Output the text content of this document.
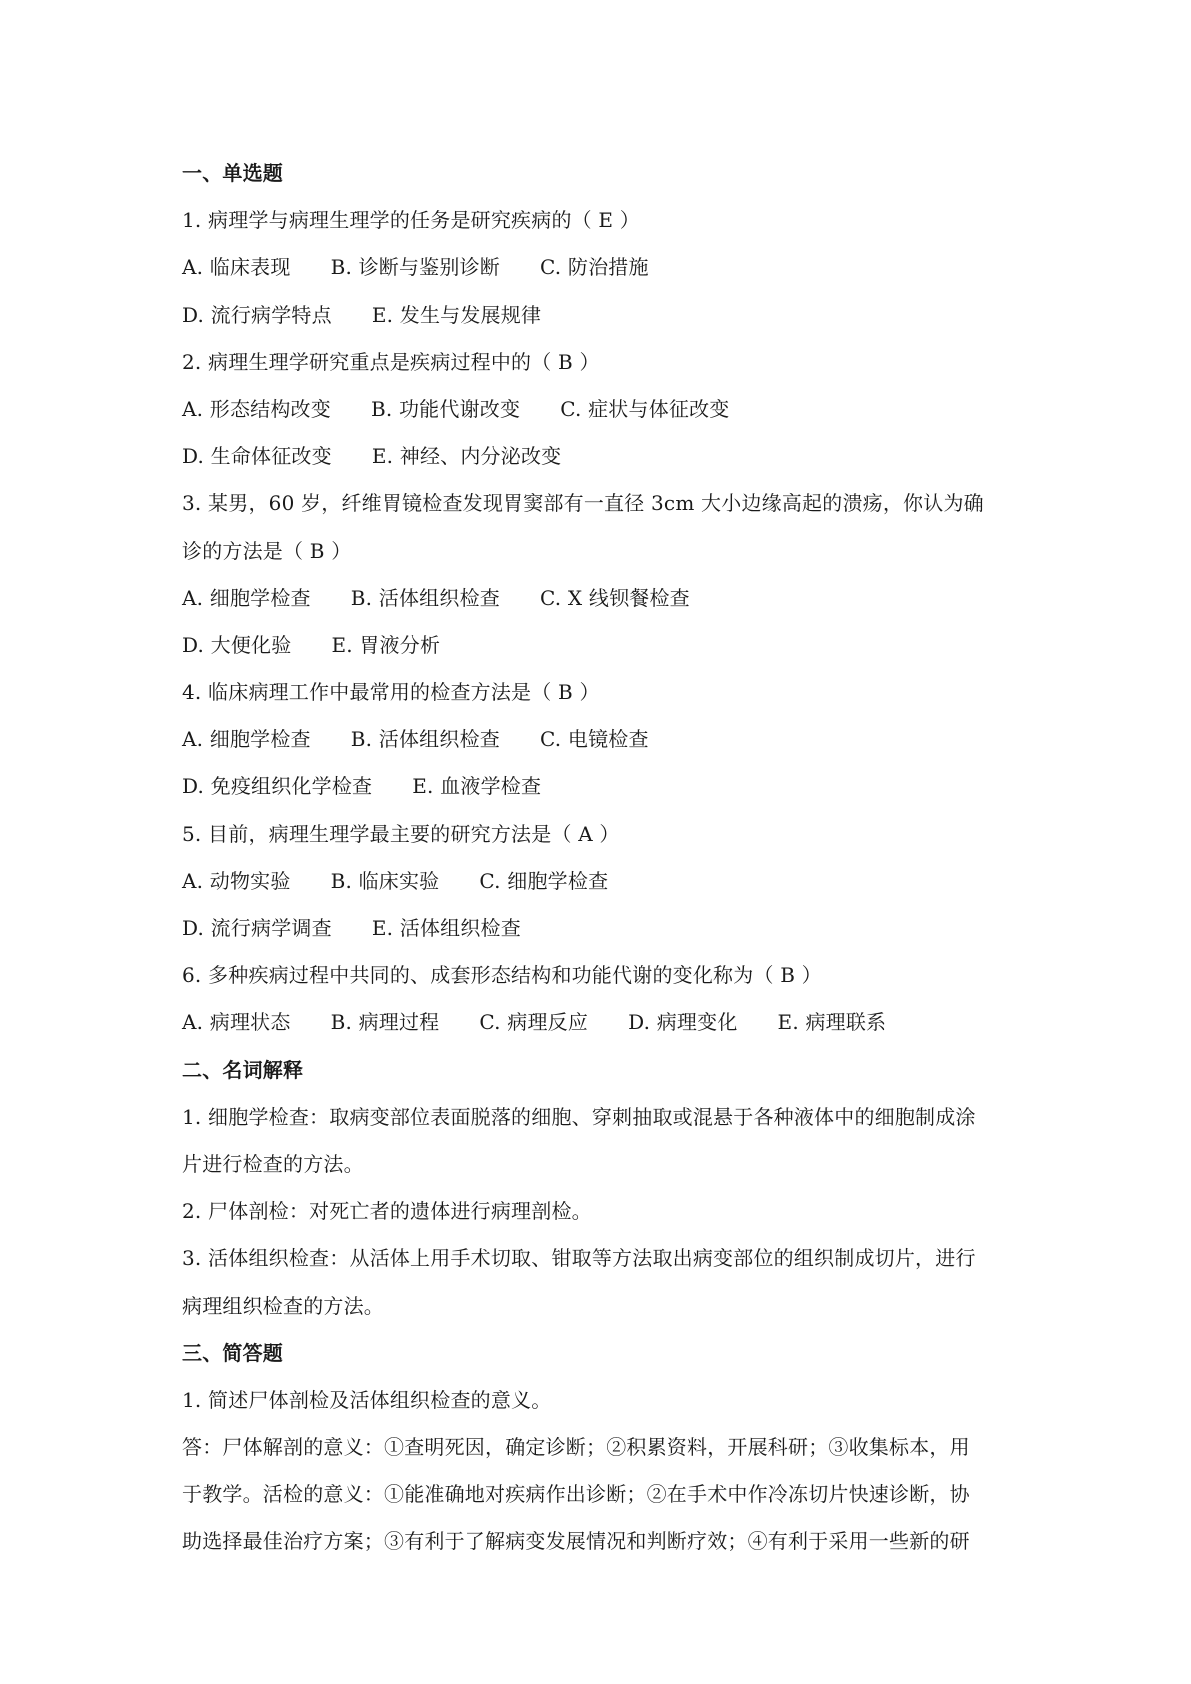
一、单选题
1. 病理学与病理生理学的任务是研究疾病的（ E ）
A. 临床表现 B. 诊断与鉴别诊断 C. 防治措施
D. 流行病学特点 E. 发生与发展规律
2. 病理生理学研究重点是疾病过程中的（ B ）
A. 形态结构改变 B. 功能代谢改变 C. 症状与体征改变
D. 生命体征改变 E. 神经、内分泌改变
3. 某男，60 岁，纤维胃镜检查发现胃窦部有一直径 3cm 大小边缘高起的溃疡，你认为确
诊的方法是（ B ）
A. 细胞学检查 B. 活体组织检查 C. X 线钡餐检查
D. 大便化验 E. 胃液分析
4. 临床病理工作中最常用的检查方法是（ B ）
A. 细胞学检查 B. 活体组织检查 C. 电镜检查
D. 免疫组织化学检查 E. 血液学检查
5. 目前，病理生理学最主要的研究方法是（ A ）
A. 动物实验 B. 临床实验 C. 细胞学检查
D. 流行病学调查 E. 活体组织检查
6. 多种疾病过程中共同的、成套形态结构和功能代谢的变化称为（ B ）
A. 病理状态 B. 病理过程 C. 病理反应 D. 病理变化 E. 病理联系
二、名词解释
1. 细胞学检查：取病变部位表面脱落的细胞、穿刺抽取或混悬于各种液体中的细胞制成涂
片进行检查的方法。
2. 尸体剖检：对死亡者的遗体进行病理剖检。
3. 活体组织检查：从活体上用手术切取、钳取等方法取出病变部位的组织制成切片，进行
病理组织检查的方法。
三、简答题
1. 简述尸体剖检及活体组织检查的意义。
答：尸体解剖的意义：①查明死因，确定诊断；②积累资料，开展科研；③收集标本，用
于教学。活检的意义：①能准确地对疾病作出诊断；②在手术中作冷冻切片快速诊断，协
助选择最佳治疗方案；③有利于了解病变发展情况和判断疗效；④有利于采用一些新的研
